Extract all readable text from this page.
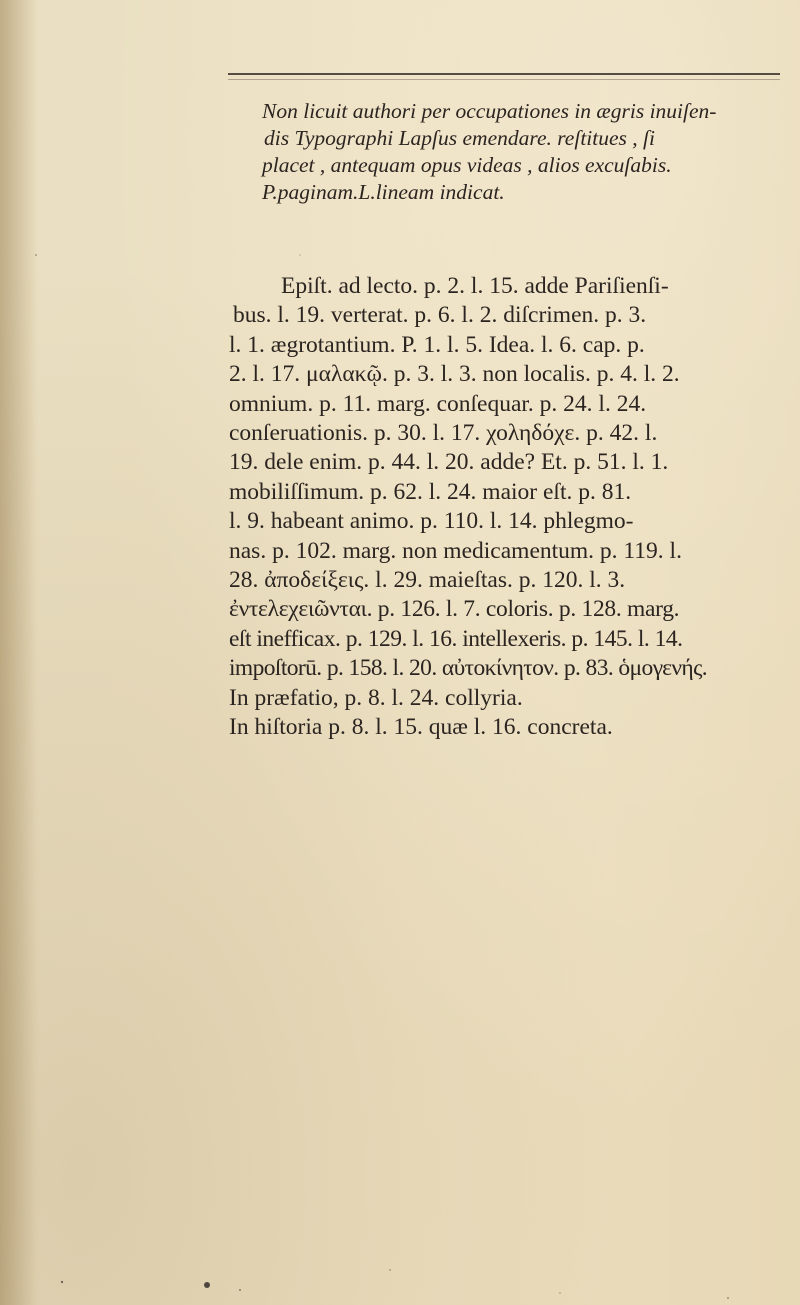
Non licuit authori per occupationes in ægris inuiſen-
dis Typographi Lapſus emendare. reſtitues , ſi
placet , antequam opus videas , alios excuſabis.
P.paginam.L.lineam indicat.
Epiſt. ad lecto. p. 2. l. 15. adde Pariſienſi-
bus. l. 19. verterat. p. 6. l. 2. diſcrimen. p. 3.
l. 1. ægrotantium. P. 1. l. 5. Idea. l. 6. cap. p.
2. l. 17. μαλακῷ. p. 3. l. 3. non localis. p. 4. l. 2.
omnium. p. 11. marg. conſequar. p. 24. l. 24.
conſeruationis. p. 30. l. 17. χοληδόχε. p. 42. l.
19. dele enim. p. 44. l. 20. adde? Et. p. 51. l. 1.
mobiliſſimum. p. 62. l. 24. maior eſt. p. 81.
l. 9. habeant animo. p. 110. l. 14. phlegmo-
nas. p. 102. marg. non medicamentum. p. 119. l.
28. ἀποδείξεις. l. 29. maieſtas. p. 120. l. 3.
ἐντελεχειῶνται. p. 126. l. 7. coloris. p. 128. marg.
eſt inefficax. p. 129. l. 16. intellexeris. p. 145. l. 14.
impoſtorū. p. 158. l. 20. αὐτοκίνητον. p. 83. ὁμογενής.
In præfatio, p. 8. l. 24. collyria.
In hiſtoria p. 8. l. 15. quæ l. 16. concreta.
